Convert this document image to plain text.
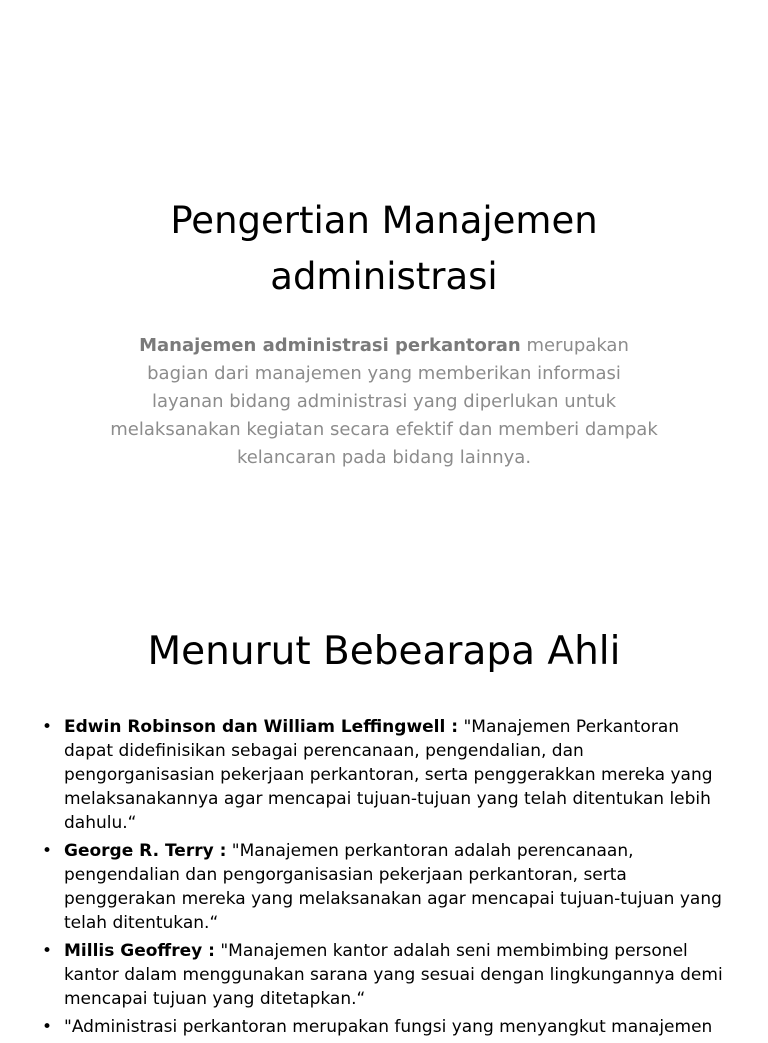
Pengertian Manajemen
administrasi

Manajemen administrasi perkantoran merupakan bagian dari manajemen yang memberikan informasi layanan bidang administrasi yang diperlukan untuk melaksanakan kegiatan secara efektif dan memberi dampak kelancaran pada bidang lainnya.

Menurut Bebearapa Ahli
• Edwin Robinson dan William Leffingwell : "Manajemen Perkantoran dapat didefinisikan sebagai perencanaan, pengendalian, dan pengorganisasian pekerjaan perkantoran, serta penggerakkan mereka yang melaksanakannya agar mencapai tujuan-tujuan yang telah ditentukan lebih dahulu.“
• George R. Terry : "Manajemen perkantoran adalah perencanaan, pengendalian dan pengorganisasian pekerjaan perkantoran, serta penggerakan mereka yang melaksanakan agar mencapai tujuan-tujuan yang telah ditentukan.“
• Millis Geoffrey : "Manajemen kantor adalah seni membimbing personel kantor dalam menggunakan sarana yang sesuai dengan lingkungannya demi mencapai tujuan yang ditetapkan.“
• "Administrasi perkantoran merupakan fungsi yang menyangkut manajemen
